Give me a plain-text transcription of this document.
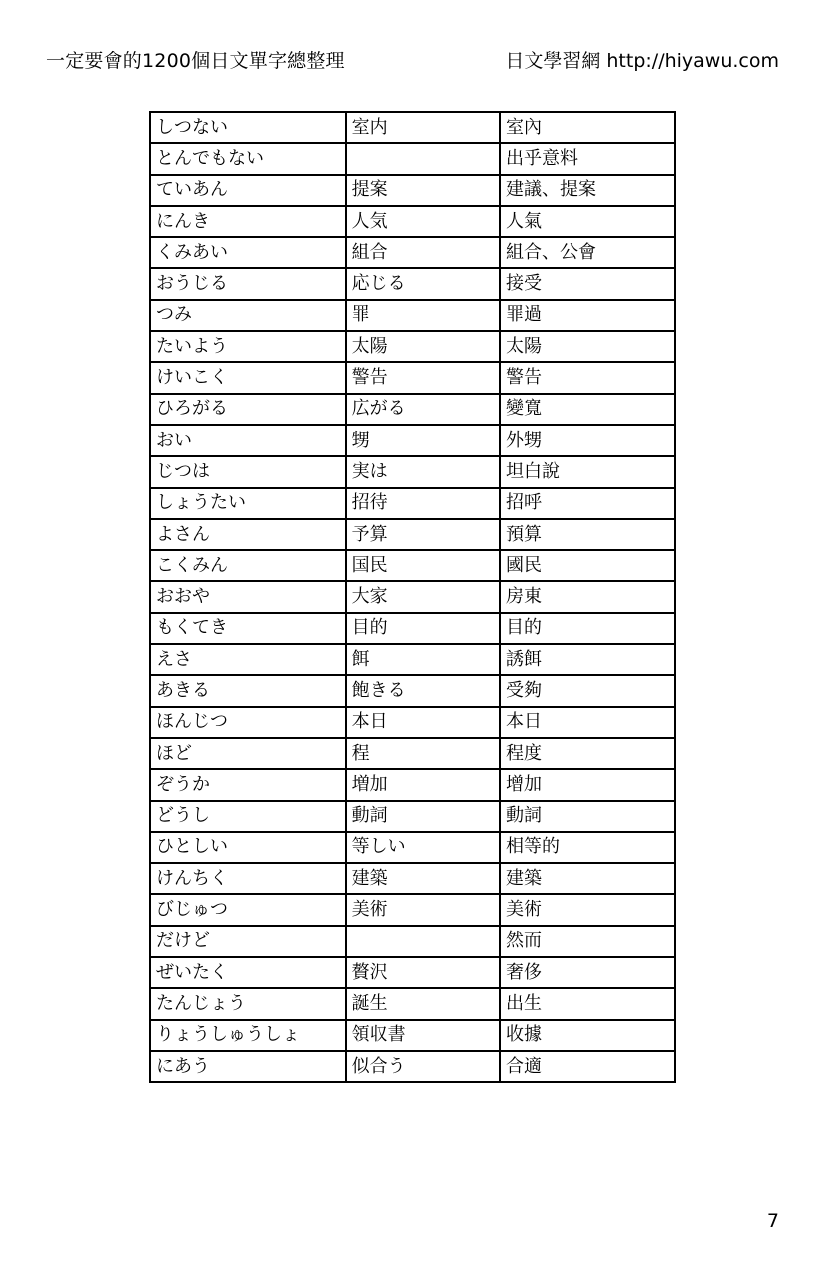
一定要會的1200個日文單字總整理	日文學習網 http://hiyawu.com
しつない	室内	室內
とんでもない		出乎意料
ていあん	提案	建議、提案
にんき	人気	人氣
くみあい	組合	組合、公會
おうじる	応じる	接受
つみ	罪	罪過
たいよう	太陽	太陽
けいこく	警告	警告
ひろがる	広がる	變寬
おい	甥	外甥
じつは	実は	坦白說
しょうたい	招待	招呼
よさん	予算	預算
こくみん	国民	國民
おおや	大家	房東
もくてき	目的	目的
えさ	餌	誘餌
あきる	飽きる	受夠
ほんじつ	本日	本日
ほど	程	程度
ぞうか	増加	增加
どうし	動詞	動詞
ひとしい	等しい	相等的
けんちく	建築	建築
びじゅつ	美術	美術
だけど		然而
ぜいたく	贅沢	奢侈
たんじょう	誕生	出生
りょうしゅうしょ	領収書	收據
にあう	似合う	合適
7
